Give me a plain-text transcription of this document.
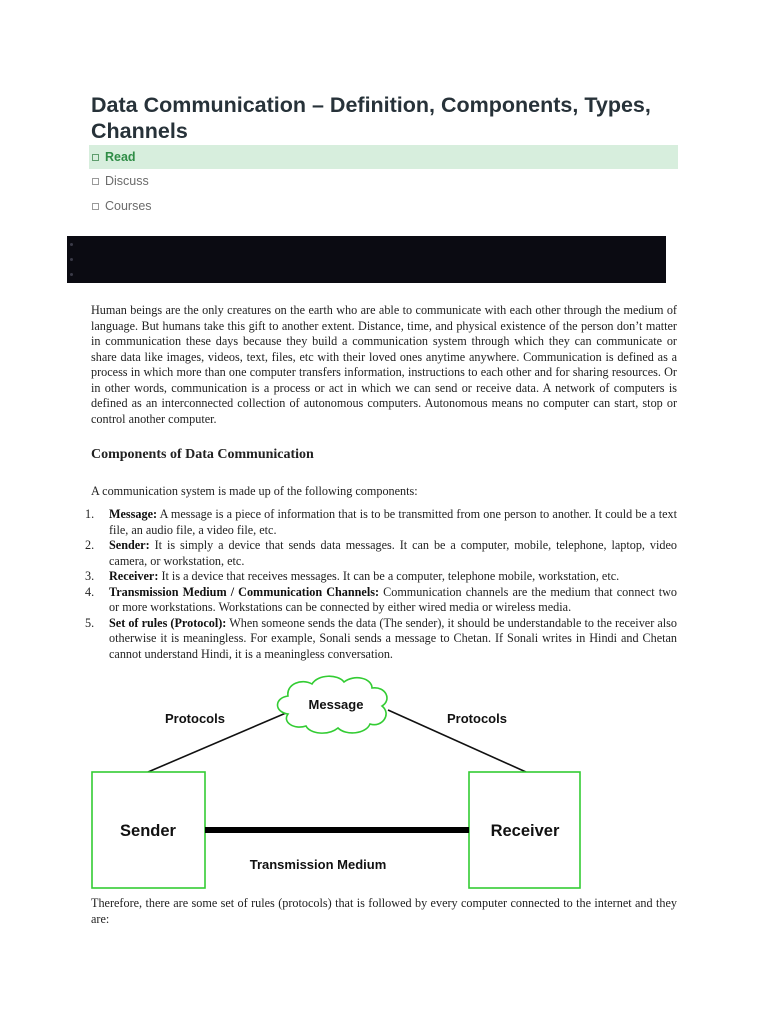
Data Communication – Definition, Components, Types, Channels
Read
Discuss
Courses

Human beings are the only creatures on the earth who are able to communicate with each other through the medium of language. But humans take this gift to another extent. Distance, time, and physical existence of the person don’t matter in communication these days because they build a communication system through which they can communicate or share data like images, videos, text, files, etc with their loved ones anytime anywhere. Communication is defined as a process in which more than one computer transfers information, instructions to each other and for sharing resources. Or in other words, communication is a process or act in which we can send or receive data. A network of computers is defined as an interconnected collection of autonomous computers. Autonomous means no computer can start, stop or control another computer.

Components of Data Communication

A communication system is made up of the following components:

1.	Message: A message is a piece of information that is to be transmitted from one person to another. It could be a text file, an audio file, a video file, etc.
2.	Sender: It is simply a device that sends data messages. It can be a computer, mobile, telephone, laptop, video camera, or workstation, etc.
3.	Receiver: It is a device that receives messages. It can be a computer, telephone mobile, workstation, etc.
4.	Transmission Medium / Communication Channels: Communication channels are the medium that connect two or more workstations. Workstations can be connected by either wired media or wireless media.
5.	Set of rules (Protocol): When someone sends the data (The sender), it should be understandable to the receiver also otherwise it is meaningless. For example, Sonali sends a message to Chetan. If Sonali writes in Hindi and Chetan cannot understand Hindi, it is a meaningless conversation.
Message
Protocols	Protocols
Sender	Receiver
Transmission Medium

Therefore, there are some set of rules (protocols) that is followed by every computer connected to the internet and they are:
